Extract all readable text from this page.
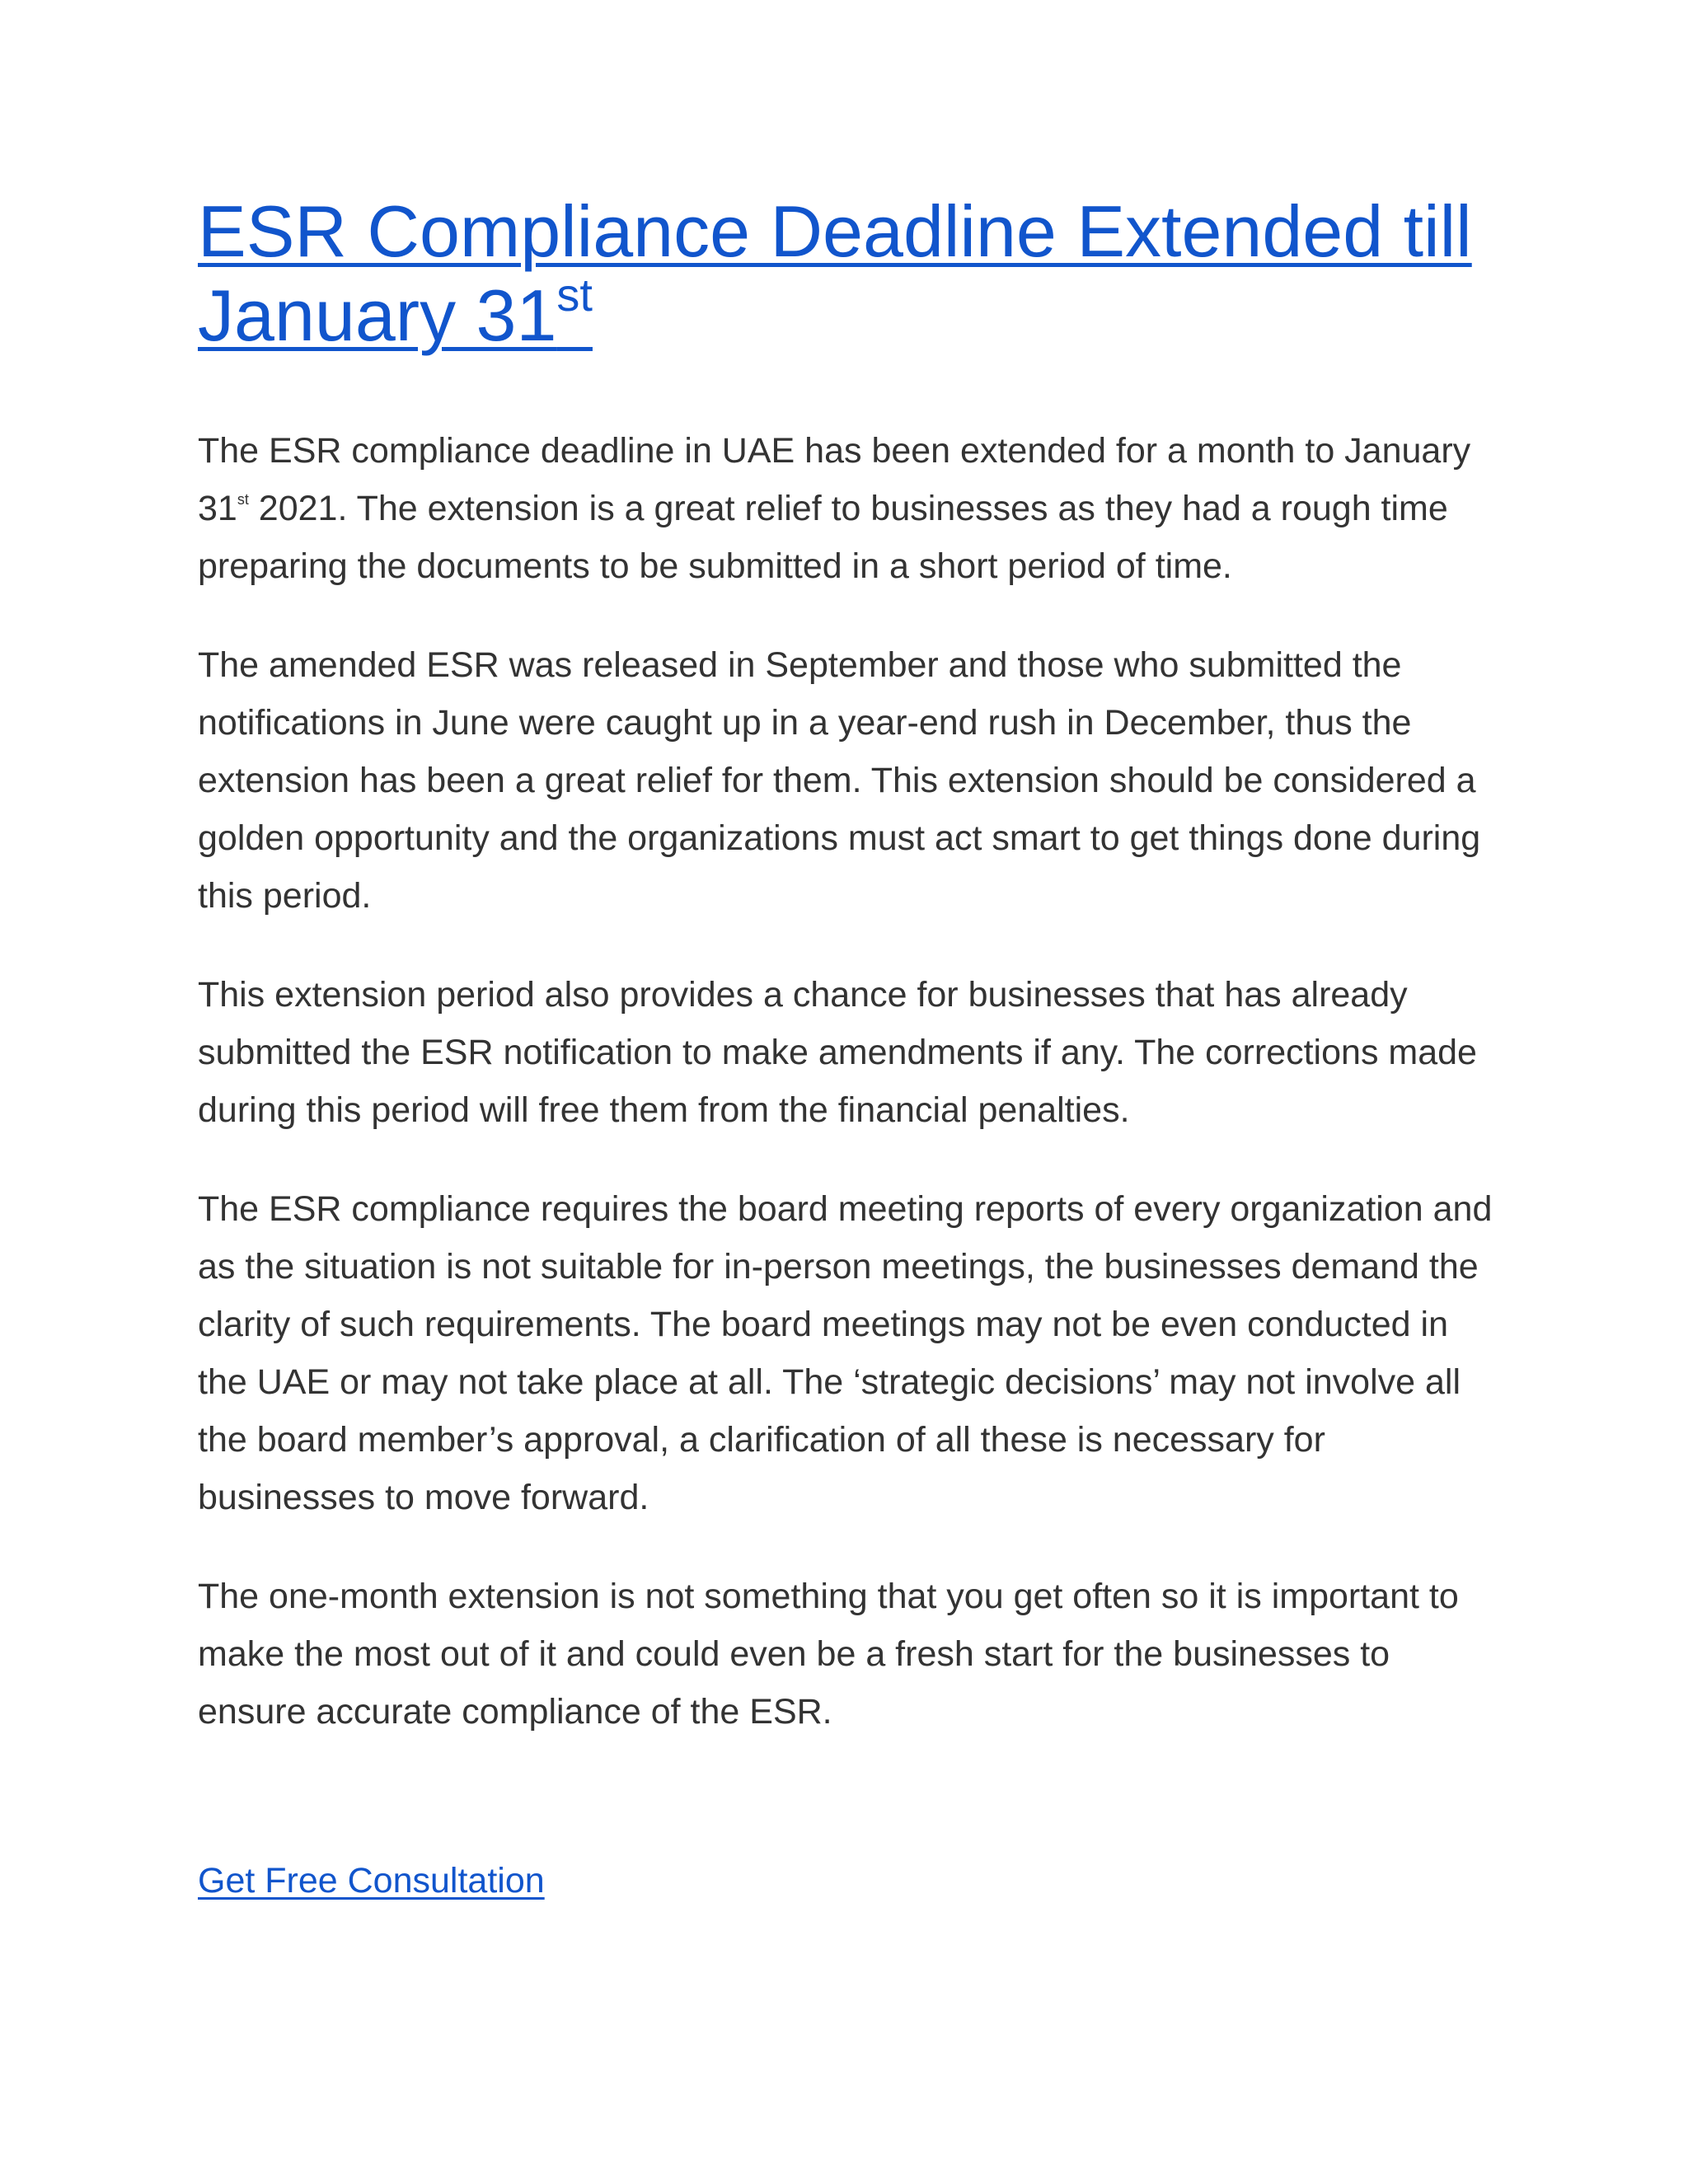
ESR Compliance Deadline Extended till January 31st

The ESR compliance deadline in UAE has been extended for a month to January 31st 2021. The extension is a great relief to businesses as they had a rough time preparing the documents to be submitted in a short period of time.

The amended ESR was released in September and those who submitted the notifications in June were caught up in a year-end rush in December, thus the extension has been a great relief for them. This extension should be considered a golden opportunity and the organizations must act smart to get things done during this period.

This extension period also provides a chance for businesses that has already submitted the ESR notification to make amendments if any. The corrections made during this period will free them from the financial penalties.

The ESR compliance requires the board meeting reports of every organization and as the situation is not suitable for in-person meetings, the businesses demand the clarity of such requirements. The board meetings may not be even conducted in the UAE or may not take place at all. The ‘strategic decisions’ may not involve all the board member’s approval, a clarification of all these is necessary for businesses to move forward.

The one-month extension is not something that you get often so it is important to make the most out of it and could even be a fresh start for the businesses to ensure accurate compliance of the ESR.

Get Free Consultation
